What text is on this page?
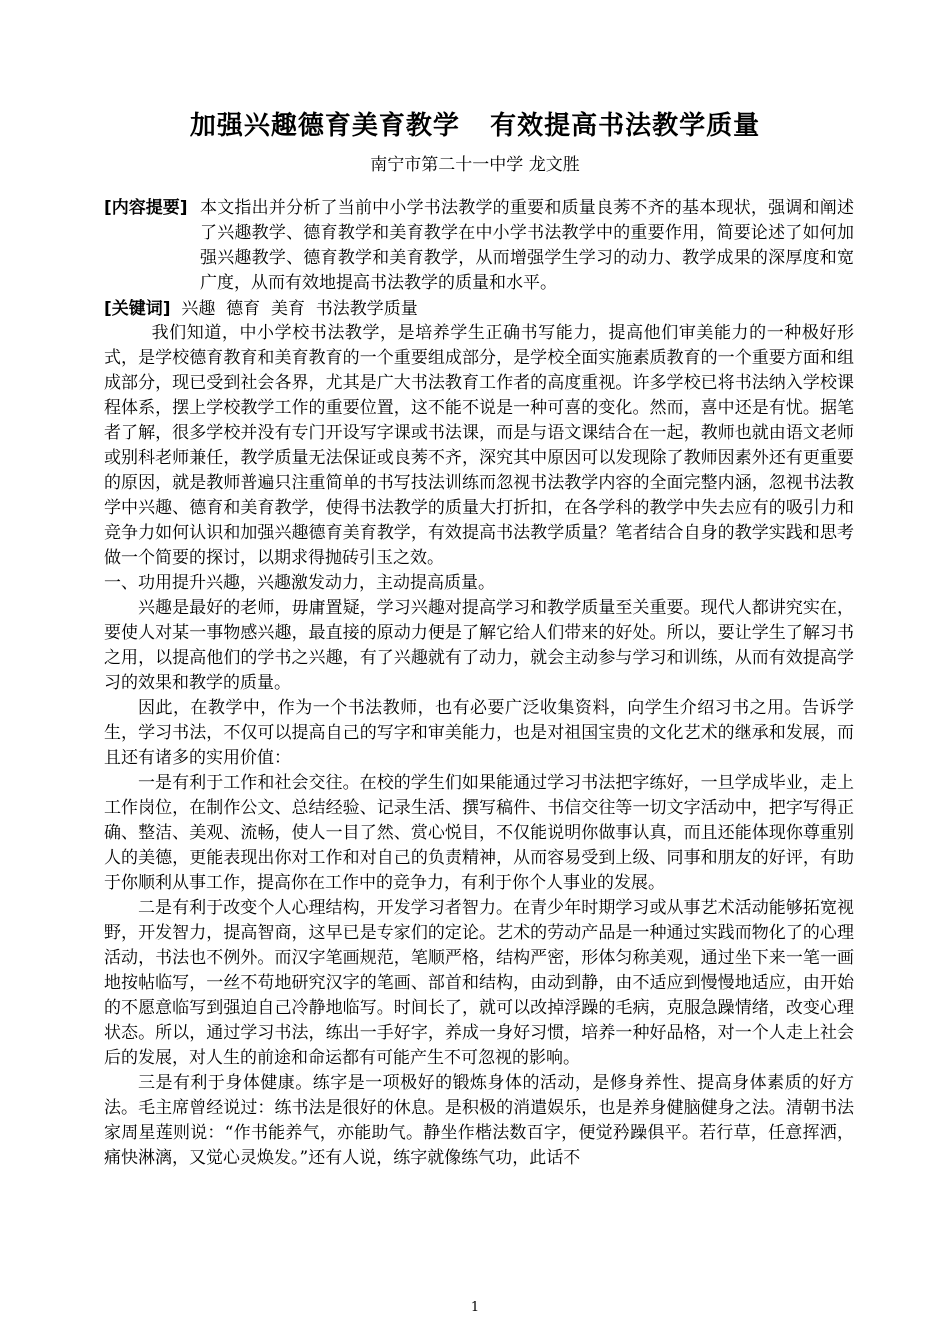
加强兴趣德育美育教学   有效提高书法教学质量
南宁市第二十一中学 龙文胜
[内容提要] 本文指出并分析了当前中小学书法教学的重要和质量良莠不齐的基本现状，强调和阐述了兴趣教学、德育教学和美育教学在中小学书法教学中的重要作用，简要论述了如何加强兴趣教学、德育教学和美育教学，从而增强学生学习的动力、教学成果的深厚度和宽广度，从而有效地提高书法教学的质量和水平。
[关键词]  兴趣  德育  美育  书法教学质量

我们知道，中小学校书法教学，是培养学生正确书写能力，提高他们审美能力的一种极好形式，是学校德育教育和美育教育的一个重要组成部分，是学校全面实施素质教育的一个重要方面和组成部分，现已受到社会各界，尤其是广大书法教育工作者的高度重视。许多学校已将书法纳入学校课程体系，摆上学校教学工作的重要位置，这不能不说是一种可喜的变化。然而，喜中还是有忧。据笔者了解，很多学校并没有专门开设写字课或书法课，而是与语文课结合在一起，教师也就由语文老师或别科老师兼任，教学质量无法保证或良莠不齐，深究其中原因可以发现除了教师因素外还有更重要的原因，就是教师普遍只注重简单的书写技法训练而忽视书法教学内容的全面完整内涵，忽视书法教学中兴趣、德育和美育教学，使得书法教学的质量大打折扣，在各学科的教学中失去应有的吸引力和竞争力如何认识和加强兴趣德育美育教学，有效提高书法教学质量？笔者结合自身的教学实践和思考做一个简要的探讨，以期求得抛砖引玉之效。

一、功用提升兴趣，兴趣激发动力，主动提高质量。

兴趣是最好的老师，毋庸置疑，学习兴趣对提高学习和教学质量至关重要。现代人都讲究实在，要使人对某一事物感兴趣，最直接的原动力便是了解它给人们带来的好处。所以，要让学生了解习书之用，以提高他们的学书之兴趣，有了兴趣就有了动力，就会主动参与学习和训练，从而有效提高学习的效果和教学的质量。

因此，在教学中，作为一个书法教师，也有必要广泛收集资料，向学生介绍习书之用。告诉学生，学习书法，不仅可以提高自己的写字和审美能力，也是对祖国宝贵的文化艺术的继承和发展，而且还有诸多的实用价值：

一是有利于工作和社会交往。在校的学生们如果能通过学习书法把字练好，一旦学成毕业，走上工作岗位，在制作公文、总结经验、记录生活、撰写稿件、书信交往等一切文字活动中，把字写得正确、整洁、美观、流畅，使人一目了然、赏心悦目，不仅能说明你做事认真，而且还能体现你尊重别人的美德，更能表现出你对工作和对自己的负责精神，从而容易受到上级、同事和朋友的好评，有助于你顺利从事工作，提高你在工作中的竞争力，有利于你个人事业的发展。

二是有利于改变个人心理结构，开发学习者智力。在青少年时期学习或从事艺术活动能够拓宽视野，开发智力，提高智商，这早已是专家们的定论。艺术的劳动产品是一种通过实践而物化了的心理活动，书法也不例外。而汉字笔画规范，笔顺严格，结构严密，形体匀称美观，通过坐下来一笔一画地按帖临写，一丝不苟地研究汉字的笔画、部首和结构，由动到静，由不适应到慢慢地适应，由开始的不愿意临写到强迫自己冷静地临写。时间长了，就可以改掉浮躁的毛病，克服急躁情绪，改变心理状态。所以，通过学习书法，练出一手好字，养成一身好习惯，培养一种好品格，对一个人走上社会后的发展，对人生的前途和命运都有可能产生不可忽视的影响。

三是有利于身体健康。练字是一项极好的锻炼身体的活动，是修身养性、提高身体素质的好方法。毛主席曾经说过：练书法是很好的休息。是积极的消遣娱乐，也是养身健脑健身之法。清朝书法家周星莲则说：“作书能养气，亦能助气。静坐作楷法数百字，便觉矜躁俱平。若行草，任意挥洒，痛快淋漓，又觉心灵焕发。”还有人说，练字就像练气功，此话不

1
